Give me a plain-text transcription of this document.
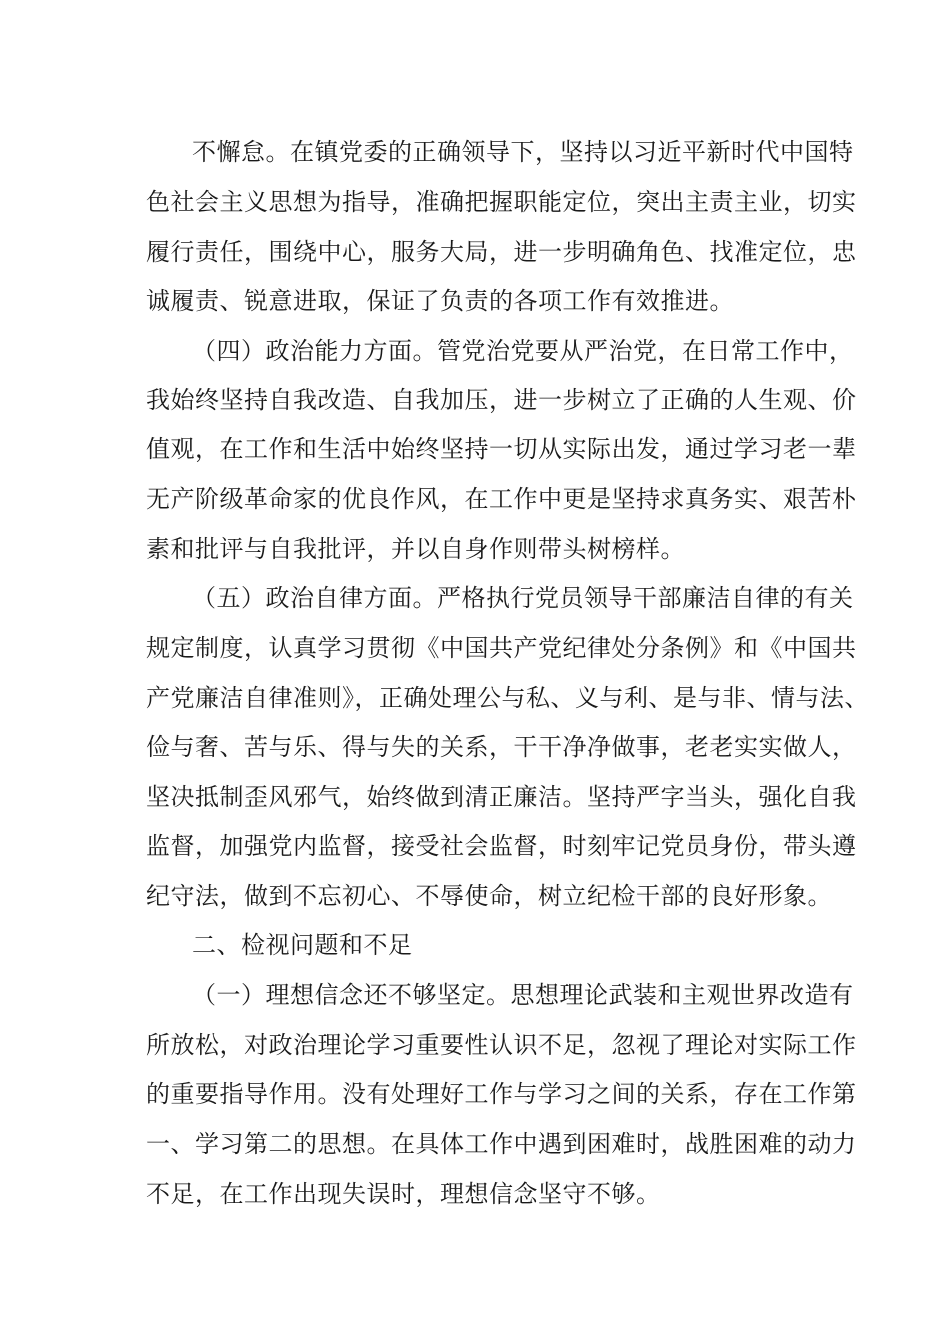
不懈怠。在镇党委的正确领导下，坚持以习近平新时代中国特
色社会主义思想为指导，准确把握职能定位，突出主责主业，切实
履行责任，围绕中心，服务大局，进一步明确角色、找准定位，忠
诚履责、锐意进取，保证了负责的各项工作有效推进。
（四）政治能力方面。管党治党要从严治党，在日常工作中，
我始终坚持自我改造、自我加压，进一步树立了正确的人生观、价
值观，在工作和生活中始终坚持一切从实际出发，通过学习老一辈
无产阶级革命家的优良作风，在工作中更是坚持求真务实、艰苦朴
素和批评与自我批评，并以自身作则带头树榜样。
（五）政治自律方面。严格执行党员领导干部廉洁自律的有关
规定制度，认真学习贯彻《中国共产党纪律处分条例》和《中国共
产党廉洁自律准则》，正确处理公与私、义与利、是与非、情与法、
俭与奢、苦与乐、得与失的关系，干干净净做事，老老实实做人，
坚决抵制歪风邪气，始终做到清正廉洁。坚持严字当头，强化自我
监督，加强党内监督，接受社会监督，时刻牢记党员身份，带头遵
纪守法，做到不忘初心、不辱使命，树立纪检干部的良好形象。
二、检视问题和不足
（一）理想信念还不够坚定。思想理论武装和主观世界改造有
所放松，对政治理论学习重要性认识不足，忽视了理论对实际工作
的重要指导作用。没有处理好工作与学习之间的关系，存在工作第
一、学习第二的思想。在具体工作中遇到困难时，战胜困难的动力
不足，在工作出现失误时，理想信念坚守不够。
